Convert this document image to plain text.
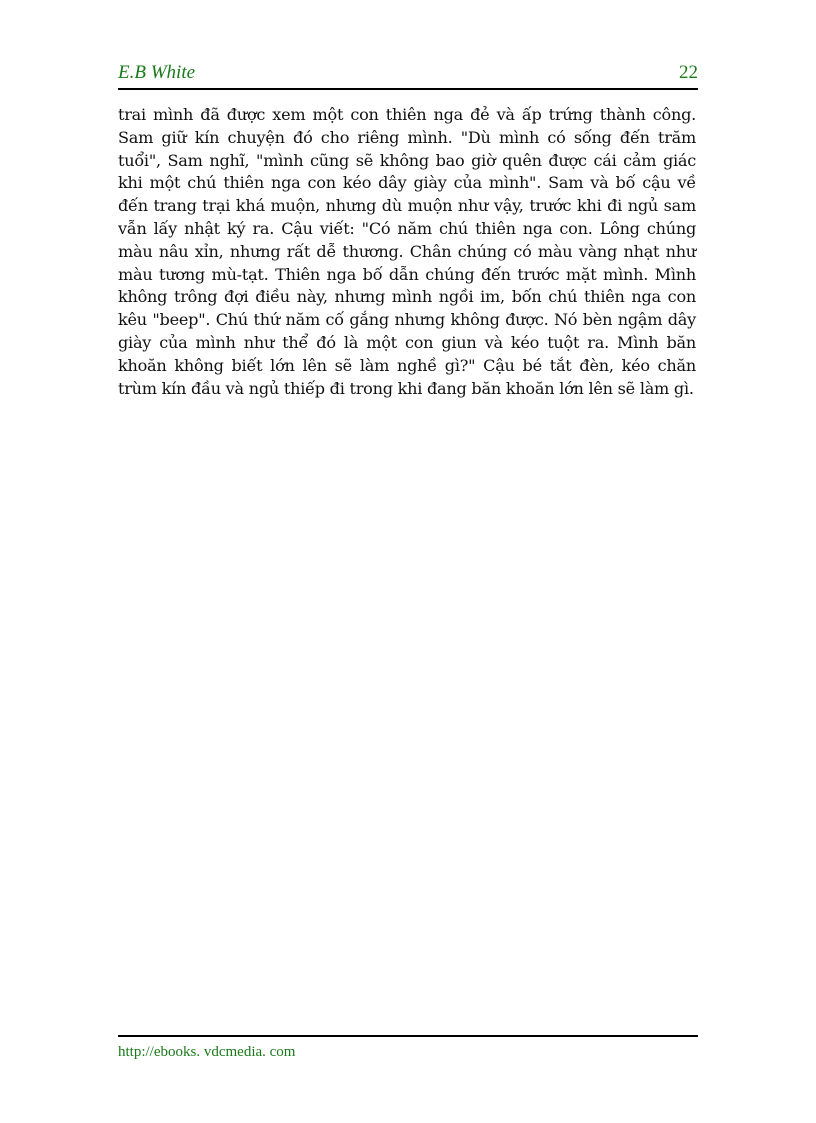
E.B White	22

trai mình đã được xem một con thiên nga đẻ và ấp trứng thành công. Sam giữ kín chuyện đó cho riêng mình. "Dù mình có sống đến trăm tuổi", Sam nghĩ, "mình cũng sẽ không bao giờ quên được cái cảm giác khi một chú thiên nga con kéo dây giày của mình". Sam và bố cậu về đến trang trại khá muộn, nhưng dù muộn như vậy, trước khi đi ngủ sam vẫn lấy nhật ký ra. Cậu viết: "Có năm chú thiên nga con. Lông chúng màu nâu xỉn, nhưng rất dễ thương. Chân chúng có màu vàng nhạt như màu tương mù-tạt. Thiên nga bố dẫn chúng đến trước mặt mình. Mình không trông đợi điều này, nhưng mình ngồi im, bốn chú thiên nga con kêu "beep". Chú thứ năm cố gắng nhưng không được. Nó bèn ngậm dây giày của mình như thể đó là một con giun và kéo tuột ra. Mình băn khoăn không biết lớn lên sẽ làm nghề gì?" Cậu bé tắt đèn, kéo chăn trùm kín đầu và ngủ thiếp đi trong khi đang băn khoăn lớn lên sẽ làm gì.

http://ebooks. vdcmedia. com
